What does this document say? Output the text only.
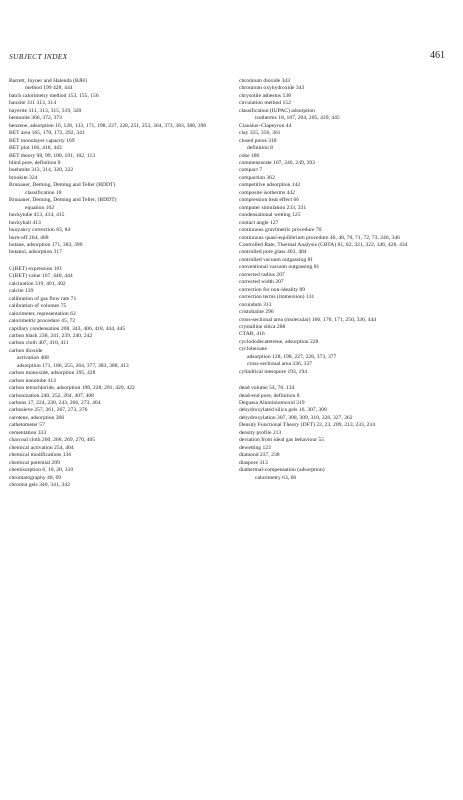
SUBJECT INDEX	461
Barrett, Joyner and Halenda (BJH)
method 199 428, 444
batch calorimetry method 153, 155, 156
bauxite 311 313, 314
bayerite 311, 313, 315, 319, 320
bentonite 366, 372, 373
benzene, adsorption 16, 128, 133, 171, 198, 227, 228, 251, 253, 364, 373, 383, 388, 390
BET area 165, 170, 172, 292, 341
BET monolayer capacity 169
BET plot 166, 418, 443
BET theory 98, 99, 100, 101, 102, 113
blind pore, definition 8
boehmite 313, 314, 320, 322
brookite 324
Brunauer, Deming, Deming and Teller (BDDT)
classification 18
Brunauer, Deming, Deming and Teller, (BDDT)
equation 102
buckytube 413, 414, 415
buckyball 413
buoyancy correction 83, 84
burn-off 264, 408
butane, adsorption 171, 383, 390
butanol, adsorption 317
C(BET) expression 101
C(BET) value 167, 440, 444
calcination 319, 401, 402
calcite 139
calibration of gas flow rate 71
calibration of volumes 75
calorimeter, representation 63
calorimetric procedure 45, 72
capillary condensation 208, 343, 406, 418, 444, 445
carbon black 238, 241, 239, 240, 242
carbon cloth 407, 410, 411
carbon dioxide
activation 408
adsorption 171, 186, 255, 264, 377, 383, 388, 413
carbon monoxide, adsorption 395, 428
carbon nanotube 413
carbon tetrachloride, adsorption 198, 228, 291, 420, 422
carbonization 240, 252, 264, 407, 408
carbons 17, 224, 230, 243, 266, 273, 404
carbosieve 257, 261, 267, 273, 276
carotene, adsorption 366
cathetometer 57
cementation 333
charcoal cloth 260, 268, 269, 270, 405
chemical activation 254, 404
chemical modifications 136
chemical potential 209
chemisorption 6, 10, 20, 310
chromatography 48, 69
chromia gels 340, 341, 342
chromium dioxide 343
chromium oxyhydroxide 343
chrysotile asbestos 138
circulation method 152
classification (IUPAC) adsorption
isotherms 18, 107, 204, 205, 439, 445
Clausius–Clapeyron 44
clay 355, 356, 361
closed pores 318
definition 8
coke 186
commensurate 107, 246, 249, 393
compact 7
compaction 362
competitive adsorption 142
composite isotherms 442
compression heat effect 66
computer simulation 233, 331
condensational wetting 125
contact angle 127
continuous gravimetric procedure 70
continuous quasi-equilibrium procedure 46, 48, 70, 71, 72, 73, 246, 346
Controlled Rate, Thermal Analysis (CRTA) 81, 82, 321, 322, 346, 428, 434
controlled pore glass 403, 404
controlled vacuum outgassing 81
conventional vacuum outgassing 81
corrected radius 207
corrected width 207
correction for non-ideality 89
correction terms (immersion) 131
corundum 313
cristobalite 296
cross-sectional area (molecular) 166, 170, 171, 250, 336, 444
crystalline silica 288
CTAB, 416
cyclododecatetrene, adsorption 228
cyclohexane
adsorption 128, 198, 227, 228, 373, 377
cross-sectional area 336, 337
cylindrical mesopore 193, 194
dead volume 54, 76, 134
dead-end pore, definition 8
Degussa Aluminiumoxid 319
dehydroxylated silica gels 16, 307, 308
dehydroxylation 307, 308, 309, 310, 326, 327, 362
Density Functional Theory (DFT) 22, 23, 209, 213, 233, 234
density profile 213
deviation from ideal gas behaviour 55
dewetting 123
diamond 237, 238
diaspore 313
diathermal-compensation (adsorption)
calorimetry 63, 66
